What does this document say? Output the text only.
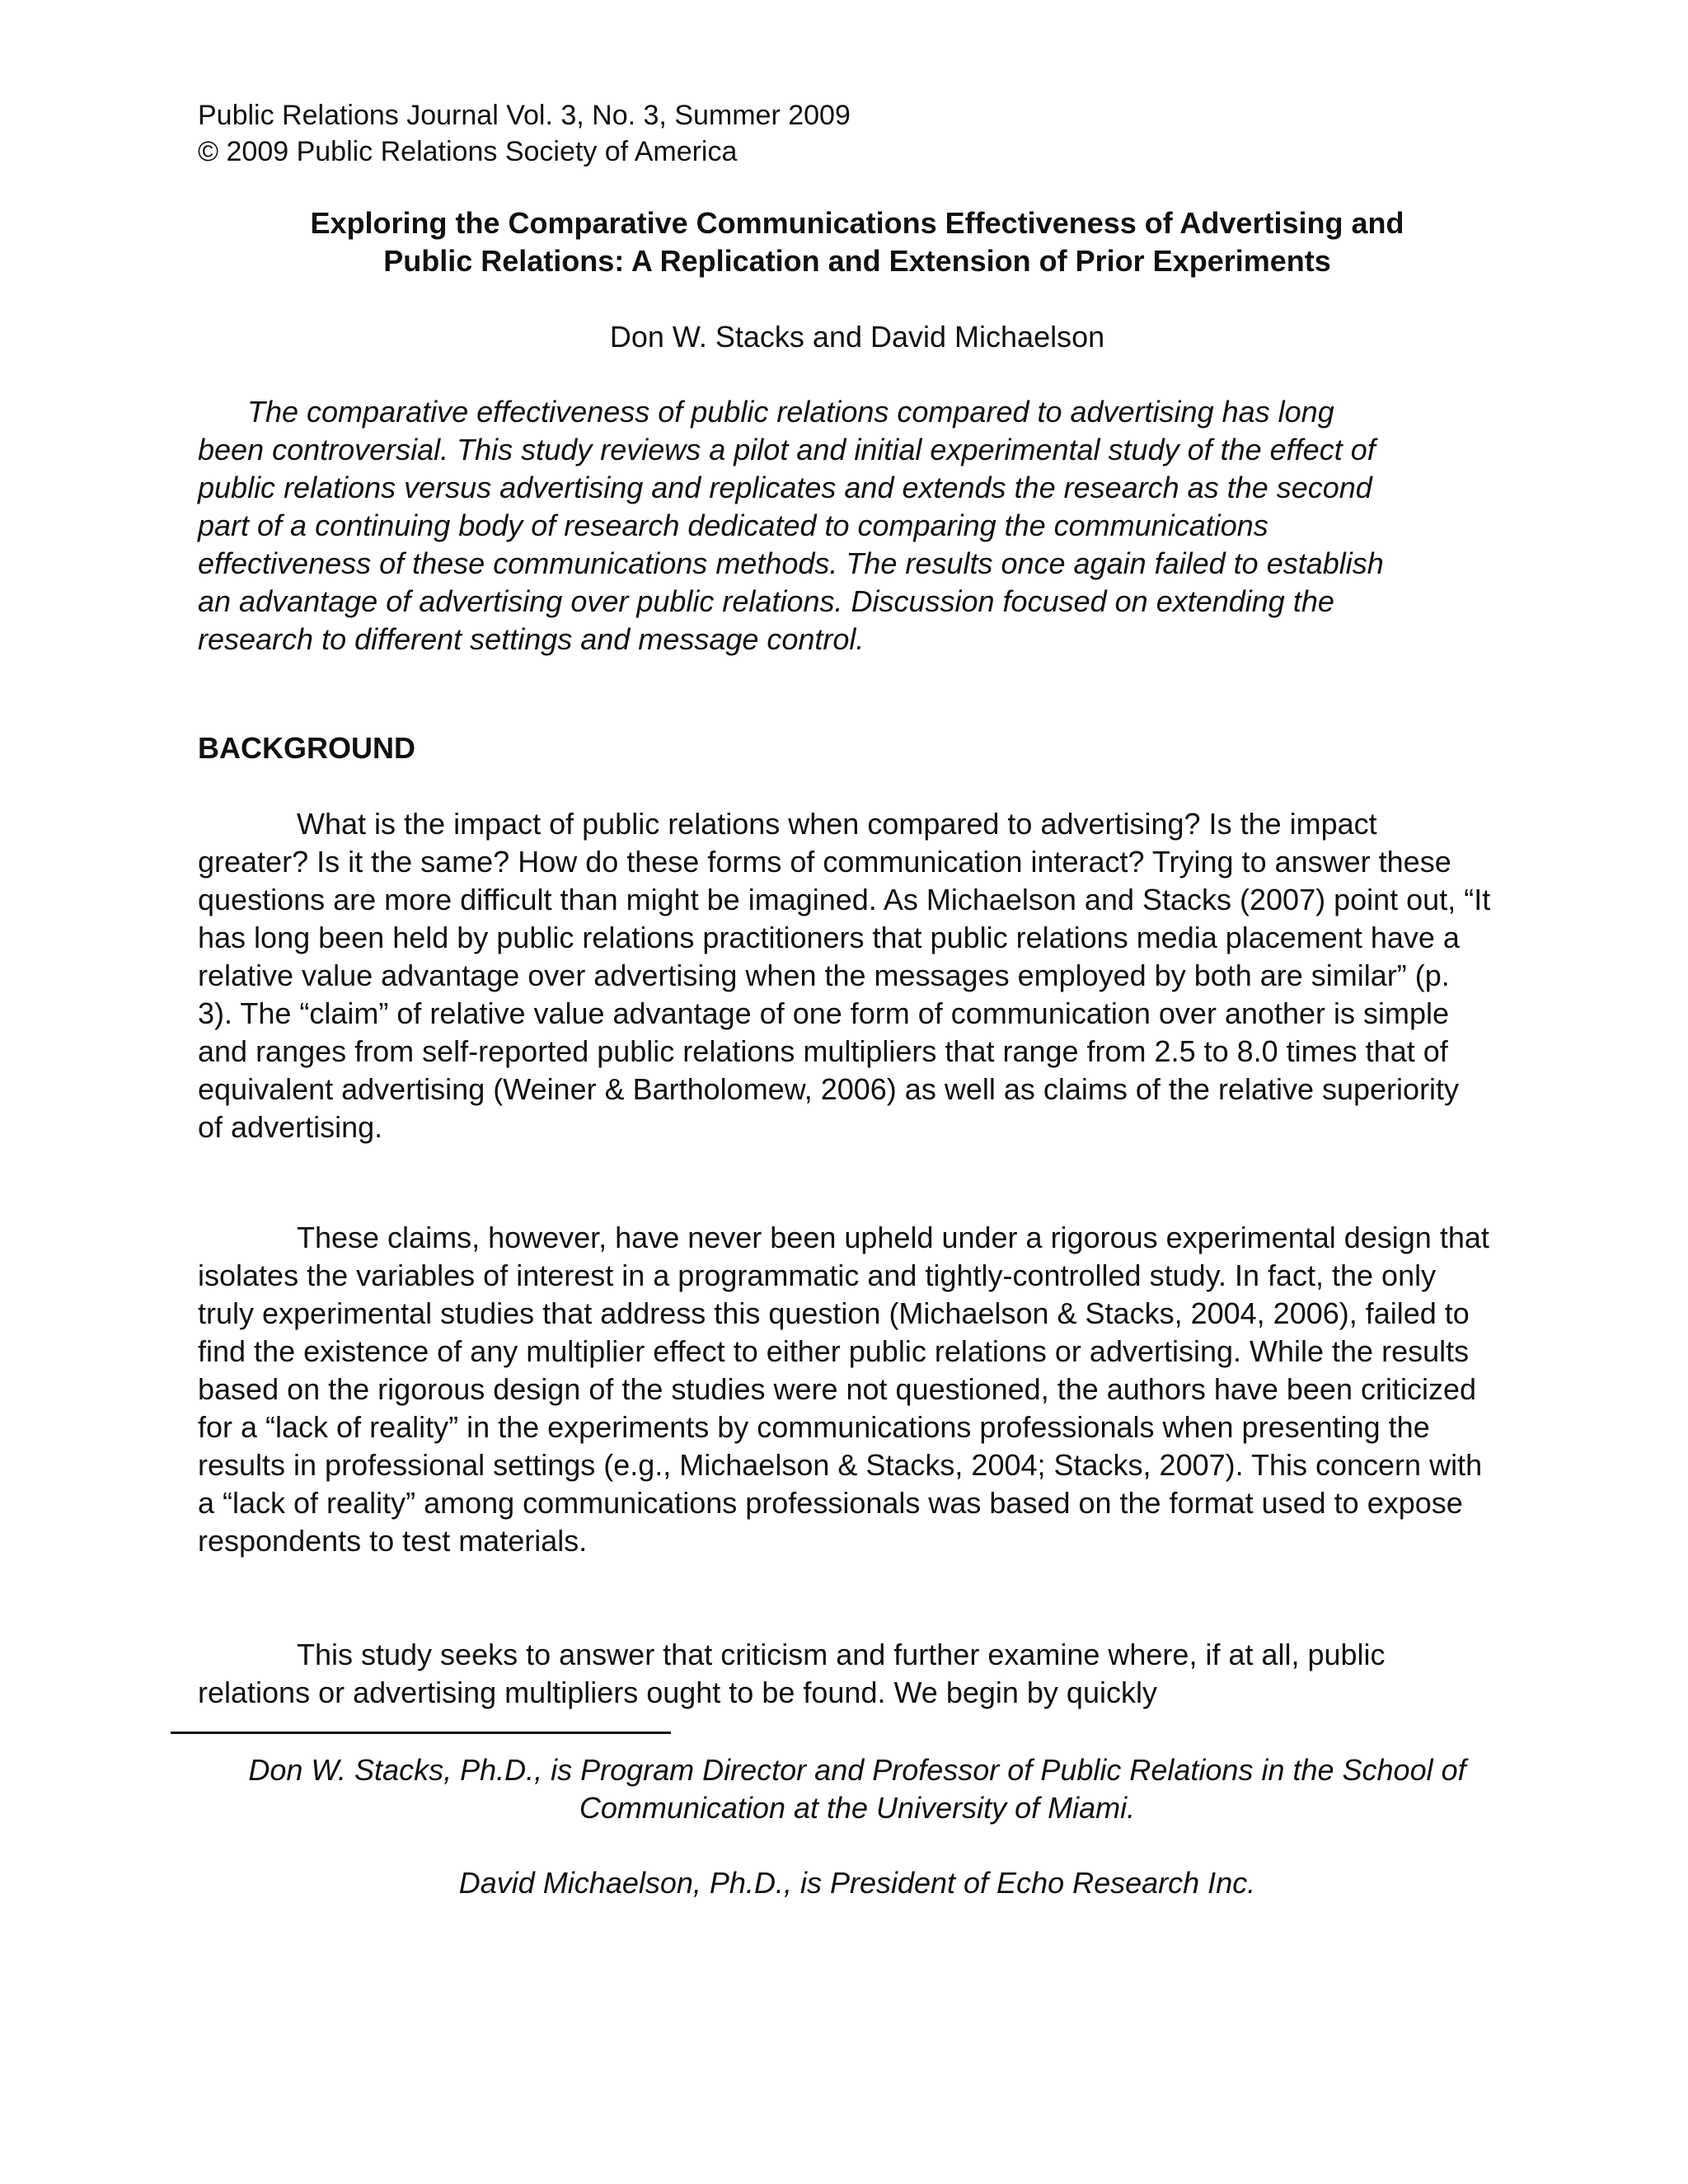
Public Relations Journal Vol. 3, No. 3, Summer 2009
© 2009 Public Relations Society of America
Exploring the Comparative Communications Effectiveness of Advertising and
Public Relations: A Replication and Extension of Prior Experiments
Don W. Stacks and David Michaelson

The comparative effectiveness of public relations compared to advertising has long been controversial. This study reviews a pilot and initial experimental study of the effect of public relations versus advertising and replicates and extends the research as the second part of a continuing body of research dedicated to comparing the communications effectiveness of these communications methods. The results once again failed to establish an advantage of advertising over public relations. Discussion focused on extending the research to different settings and message control.

BACKGROUND

What is the impact of public relations when compared to advertising? Is the impact greater? Is it the same? How do these forms of communication interact? Trying to answer these questions are more difficult than might be imagined. As Michaelson and Stacks (2007) point out, “It has long been held by public relations practitioners that public relations media placement have a relative value advantage over advertising when the messages employed by both are similar” (p. 3). The “claim” of relative value advantage of one form of communication over another is simple and ranges from self-reported public relations multipliers that range from 2.5 to 8.0 times that of equivalent advertising (Weiner & Bartholomew, 2006) as well as claims of the relative superiority of advertising.

These claims, however, have never been upheld under a rigorous experimental design that isolates the variables of interest in a programmatic and tightly-controlled study. In fact, the only truly experimental studies that address this question (Michaelson & Stacks, 2004, 2006), failed to find the existence of any multiplier effect to either public relations or advertising. While the results based on the rigorous design of the studies were not questioned, the authors have been criticized for a “lack of reality” in the experiments by communications professionals when presenting the results in professional settings (e.g., Michaelson & Stacks, 2004; Stacks, 2007). This concern with a “lack of reality” among communications professionals was based on the format used to expose respondents to test materials.

This study seeks to answer that criticism and further examine where, if at all, public relations or advertising multipliers ought to be found. We begin by quickly

Don W. Stacks, Ph.D., is Program Director and Professor of Public Relations in the School of Communication at the University of Miami.

David Michaelson, Ph.D., is President of Echo Research Inc.
